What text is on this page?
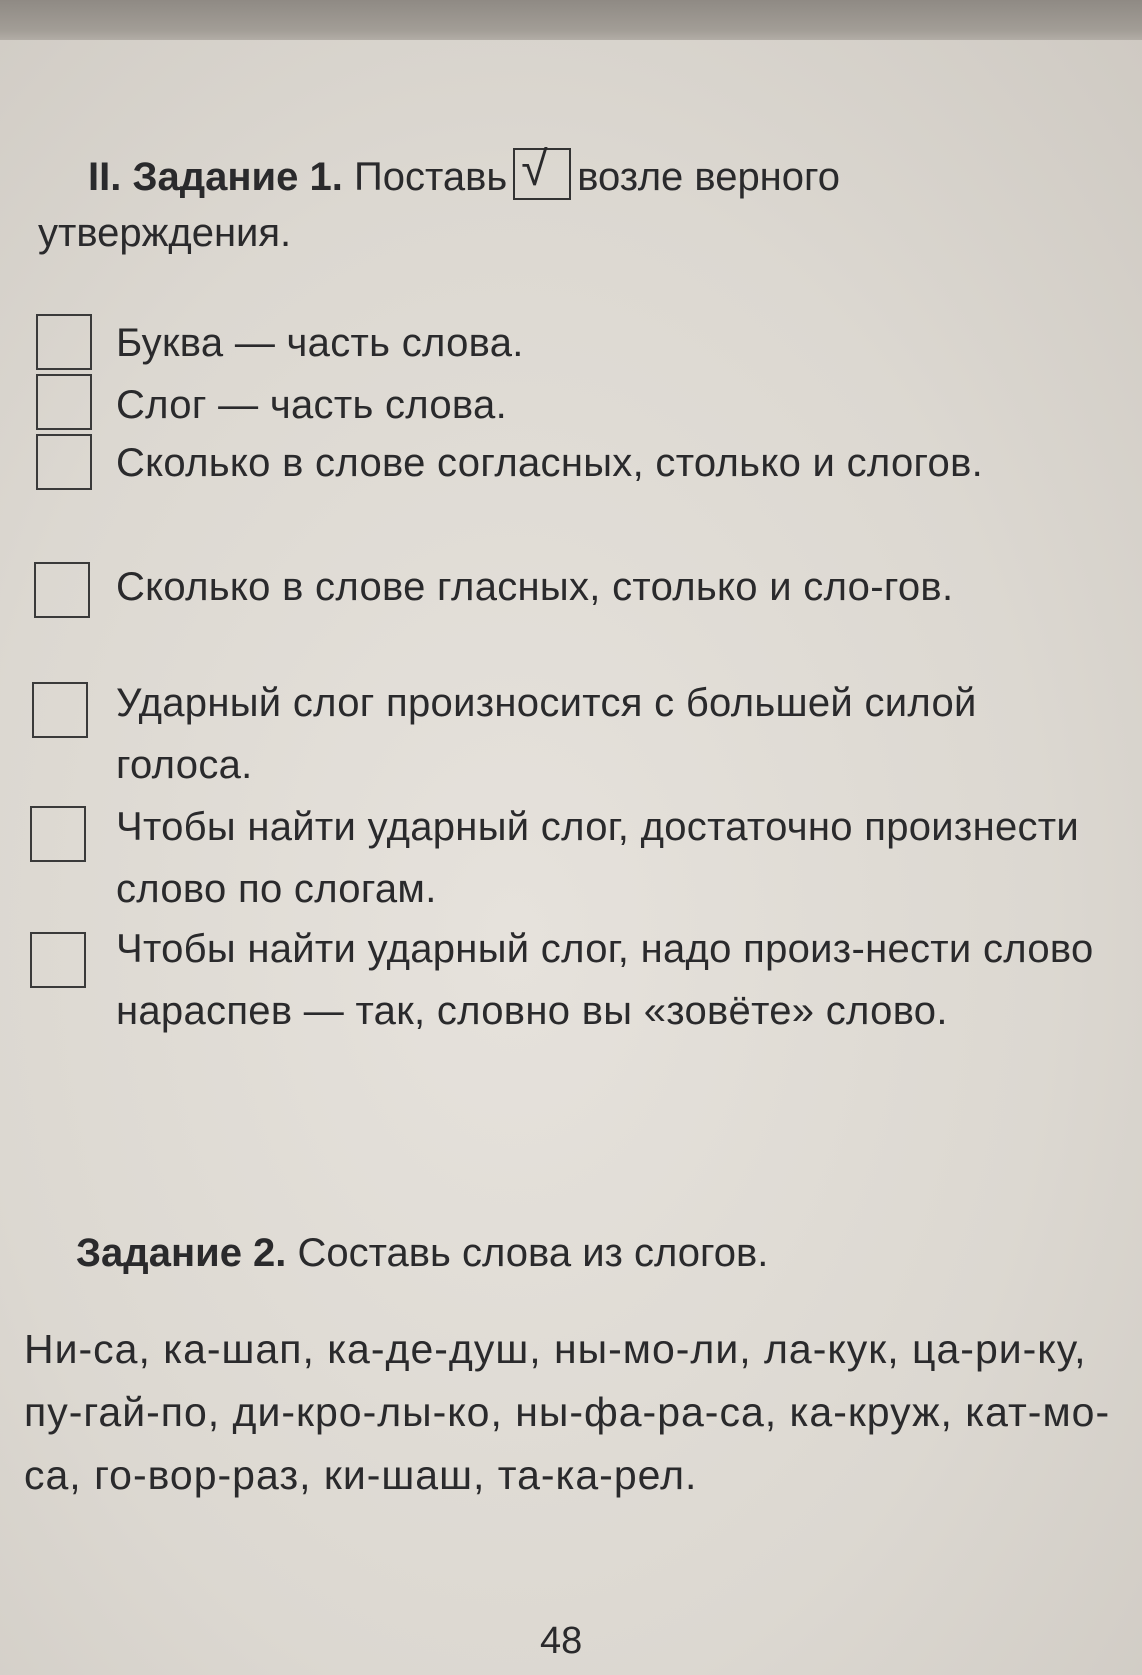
II. Задание 1. Поставь √ возле верного
утверждения.
Буква — часть слова.
Слог — часть слова.
Сколько в слове согласных, столько и слогов.
Сколько в слове гласных, столько и сло-гов.
Ударный слог произносится с большей силой голоса.
Чтобы найти ударный слог, достаточно произнести слово по слогам.
Чтобы найти ударный слог, надо произ-нести слово нараспев — так, словно вы «зовёте» слово.
Задание 2. Составь слова из слогов.
Ни-са, ка-шап, ка-де-душ, ны-мо-ли, ла-кук, ца-ри-ку, пу-гай-по, ди-кро-лы-ко, ны-фа-ра-са, ка-круж, кат-мо-са, го-вор-раз, ки-шаш, та-ка-рел.
48
